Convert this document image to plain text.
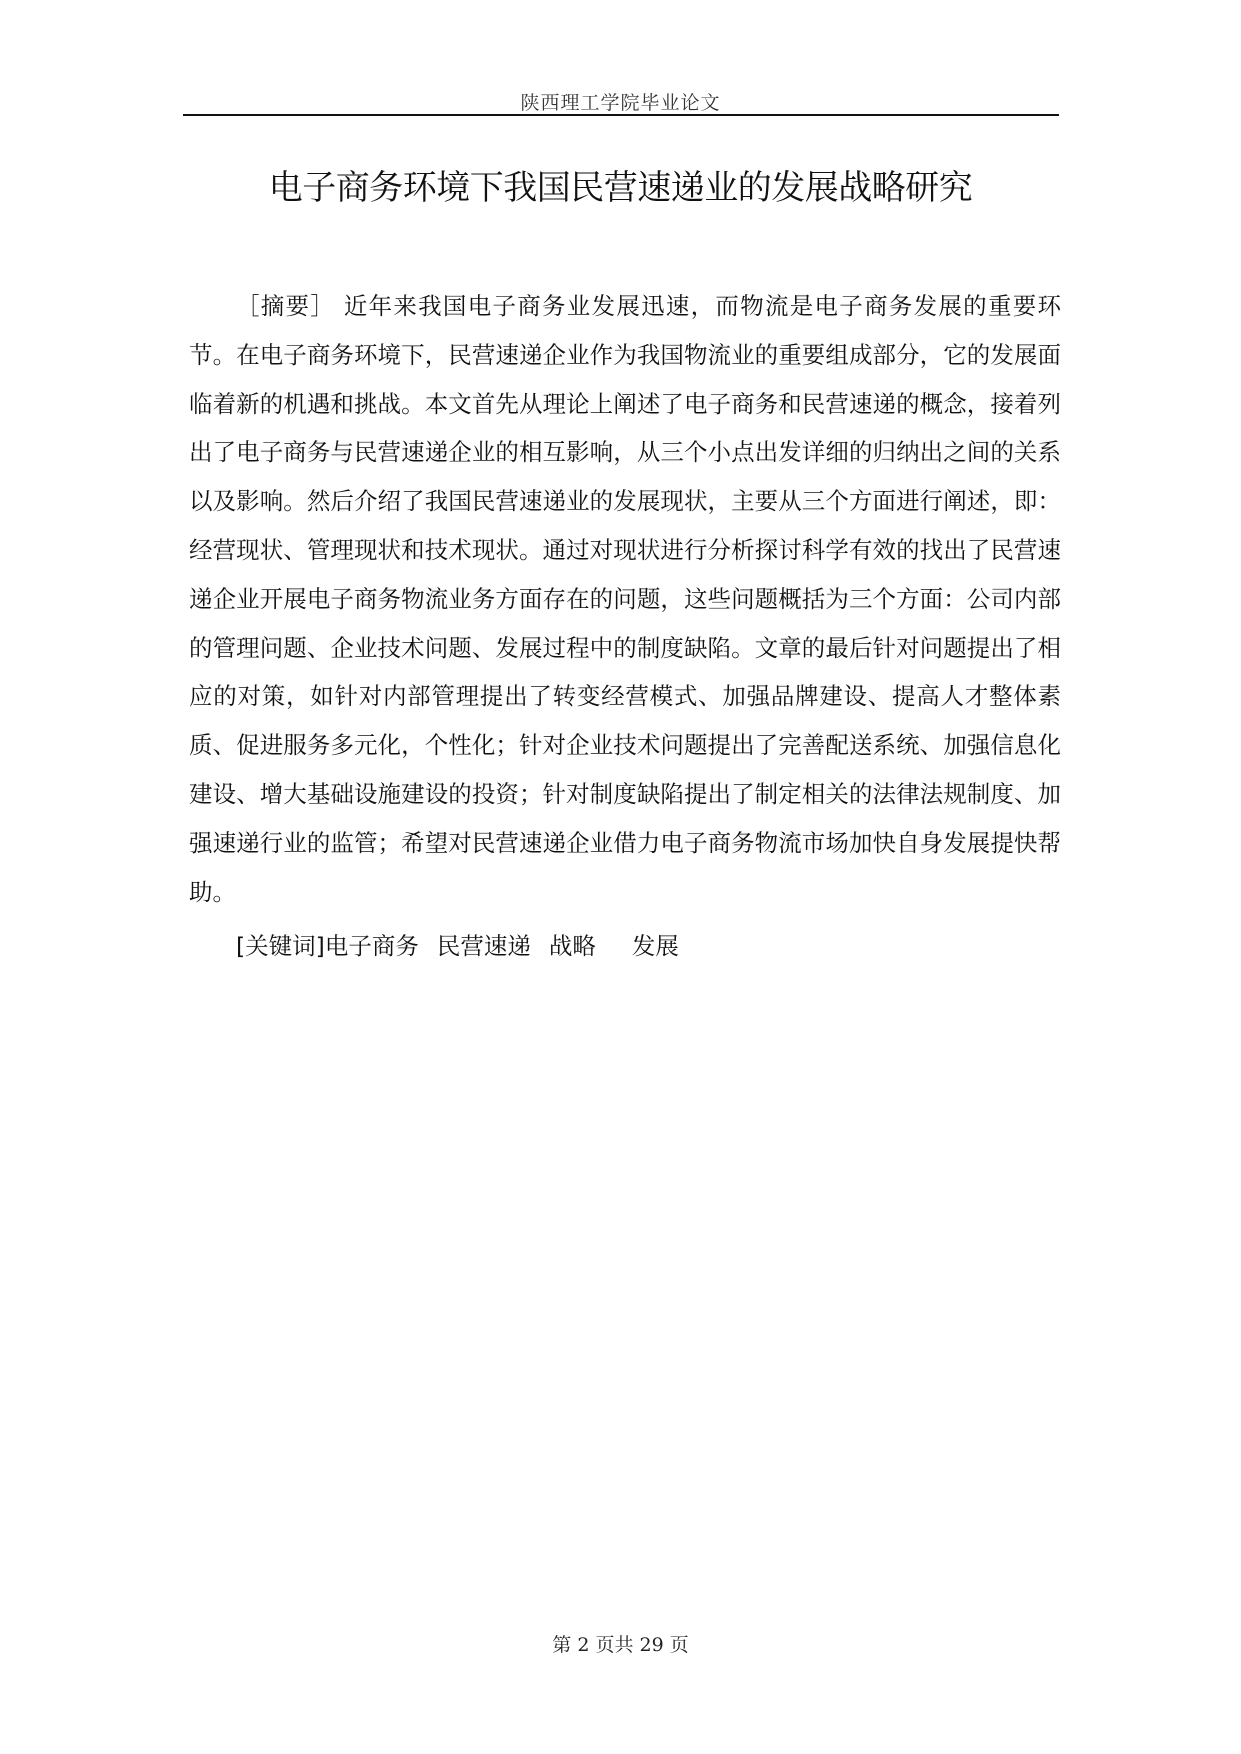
陕西理工学院毕业论文
电子商务环境下我国民营速递业的发展战略研究

［摘要］ 近年来我国电子商务业发展迅速，而物流是电子商务发展的重要环节。在电子商务环境下，民营速递企业作为我国物流业的重要组成部分，它的发展面临着新的机遇和挑战。本文首先从理论上阐述了电子商务和民营速递的概念，接着列出了电子商务与民营速递企业的相互影响，从三个小点出发详细的归纳出之间的关系以及影响。然后介绍了我国民营速递业的发展现状，主要从三个方面进行阐述，即：经营现状、管理现状和技术现状。通过对现状进行分析探讨科学有效的找出了民营速递企业开展电子商务物流业务方面存在的问题，这些问题概括为三个方面：公司内部的管理问题、企业技术问题、发展过程中的制度缺陷。文章的最后针对问题提出了相应的对策，如针对内部管理提出了转变经营模式、加强品牌建设、提高人才整体素质、促进服务多元化，个性化；针对企业技术问题提出了完善配送系统、加强信息化建设、增大基础设施建设的投资；针对制度缺陷提出了制定相关的法律法规制度、加强速递行业的监管；希望对民营速递企业借力电子商务物流市场加快自身发展提快帮助。

[关键词]电子商务 民营速递 战略 发展
第 2 页共 29 页
